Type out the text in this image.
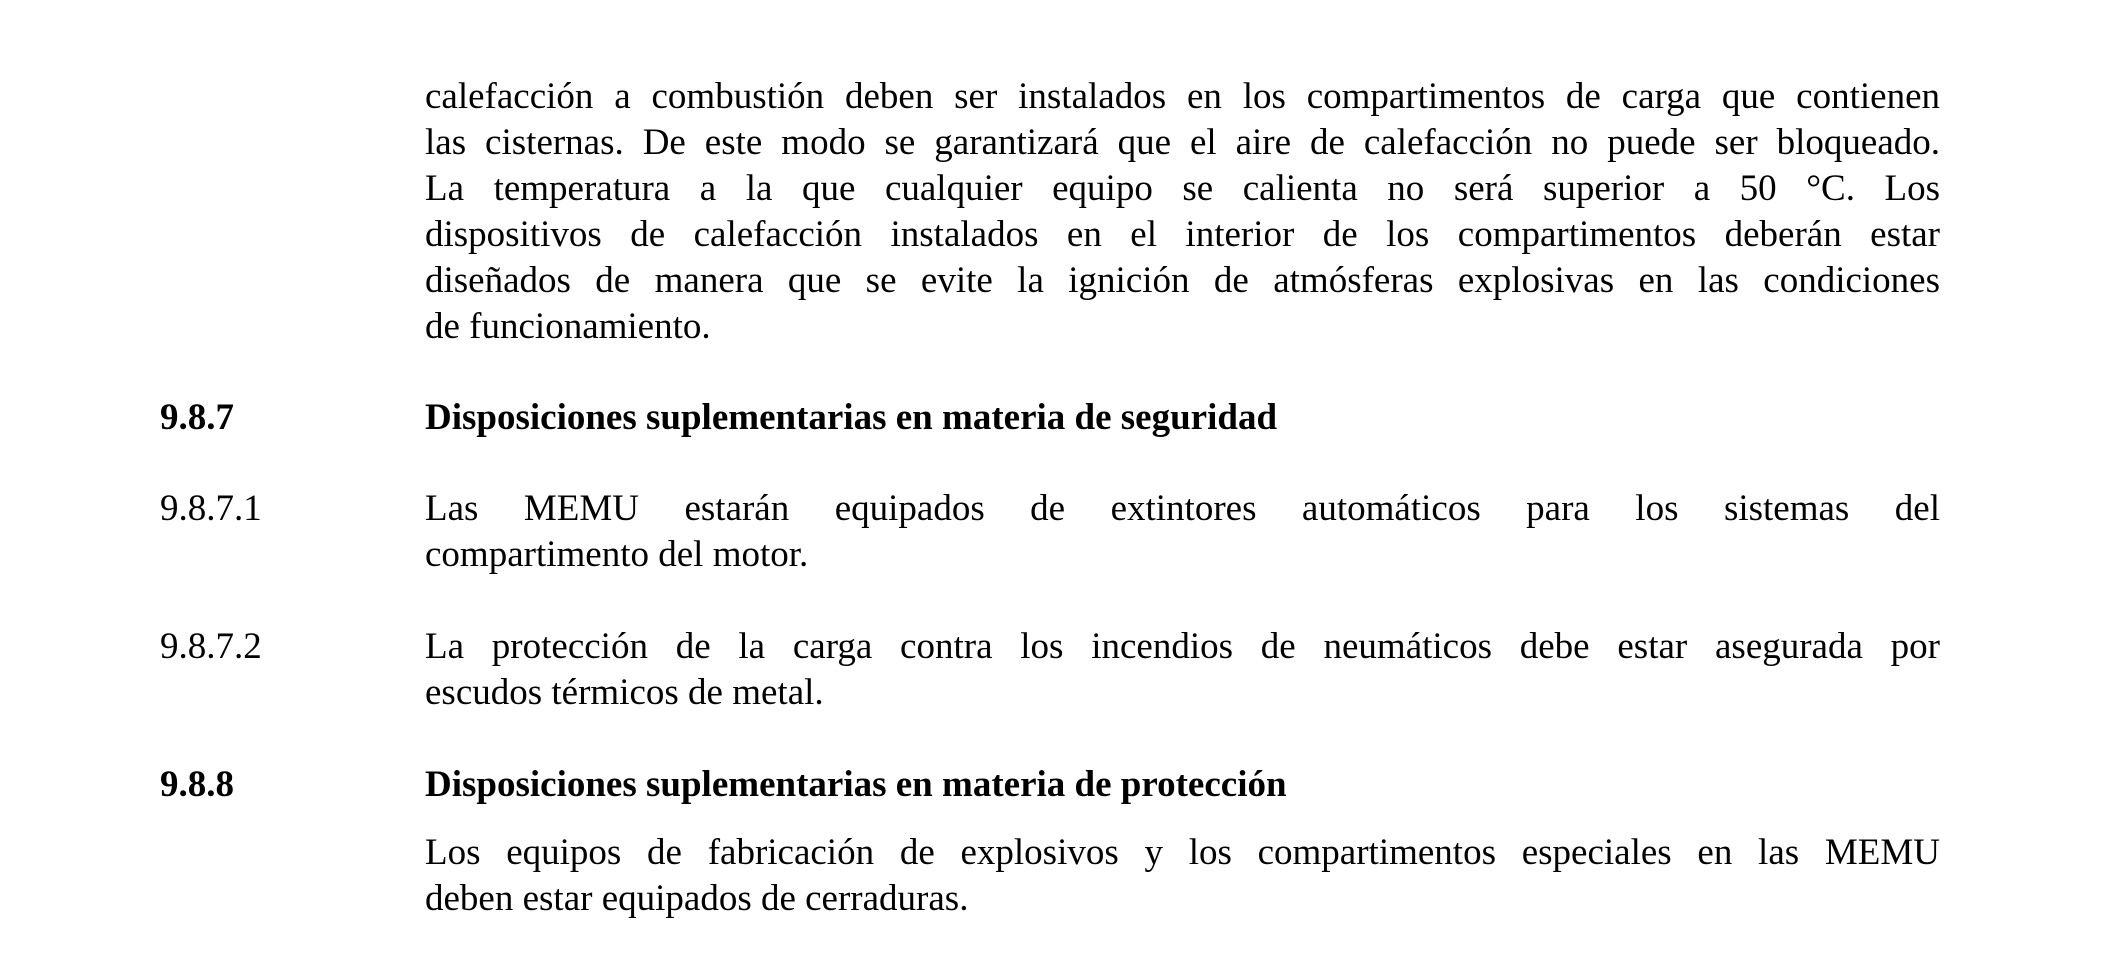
calefacción a combustión deben ser instalados en los compartimentos de carga que contienen
las cisternas. De este modo se garantizará que el aire de calefacción no puede ser bloqueado.
La temperatura a la que cualquier equipo se calienta no será superior a 50 °C. Los
dispositivos de calefacción instalados en el interior de los compartimentos deberán estar
diseñados de manera que se evite la ignición de atmósferas explosivas en las condiciones
de funcionamiento.
9.8.7	Disposiciones suplementarias en materia de seguridad
9.8.7.1	Las MEMU estarán equipados de extintores automáticos para los sistemas del
compartimento del motor.
9.8.7.2	La protección de la carga contra los incendios de neumáticos debe estar asegurada por
escudos térmicos de metal.
9.8.8	Disposiciones suplementarias en materia de protección
Los equipos de fabricación de explosivos y los compartimentos especiales en las MEMU
deben estar equipados de cerraduras.
